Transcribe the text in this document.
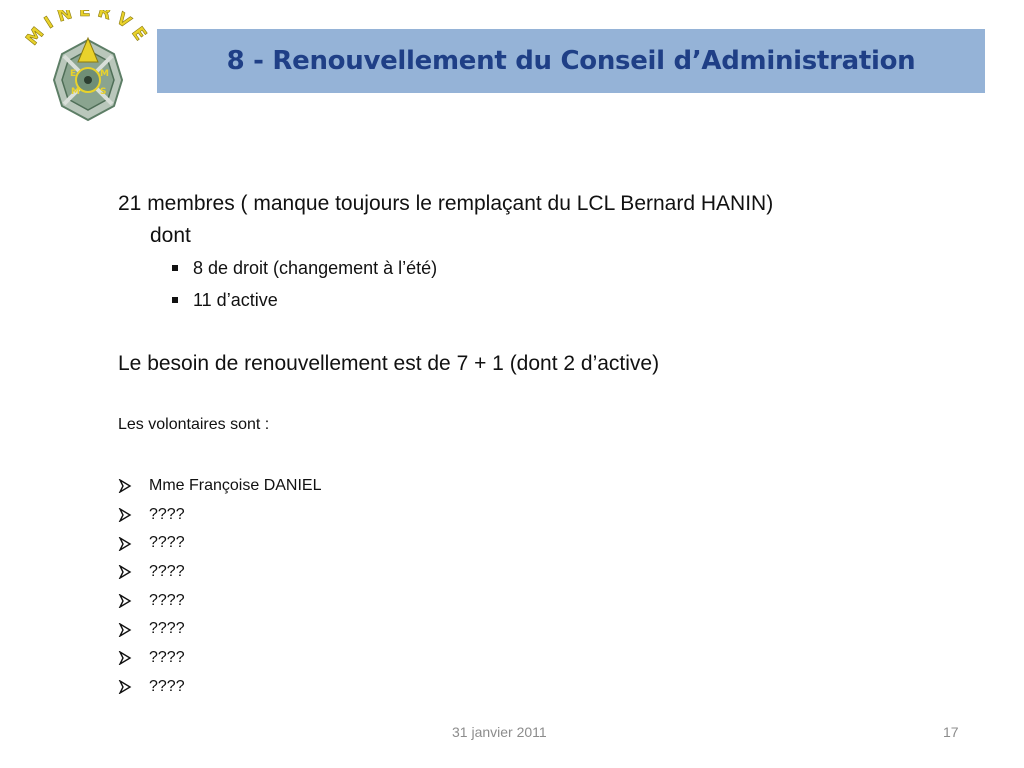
MINERVE
E	M
M S
8 - Renouvellement du Conseil d’Administration

21 membres ( manque toujours le remplaçant du LCL Bernard HANIN)
dont

8 de droit (changement à l’été)
11 d’active

Le besoin de renouvellement est de 7 + 1 (dont 2 d’active)

Les volontaires sont :

Mme Françoise DANIEL
????
????
????
????
????
????
????
31 janvier 2011	17
